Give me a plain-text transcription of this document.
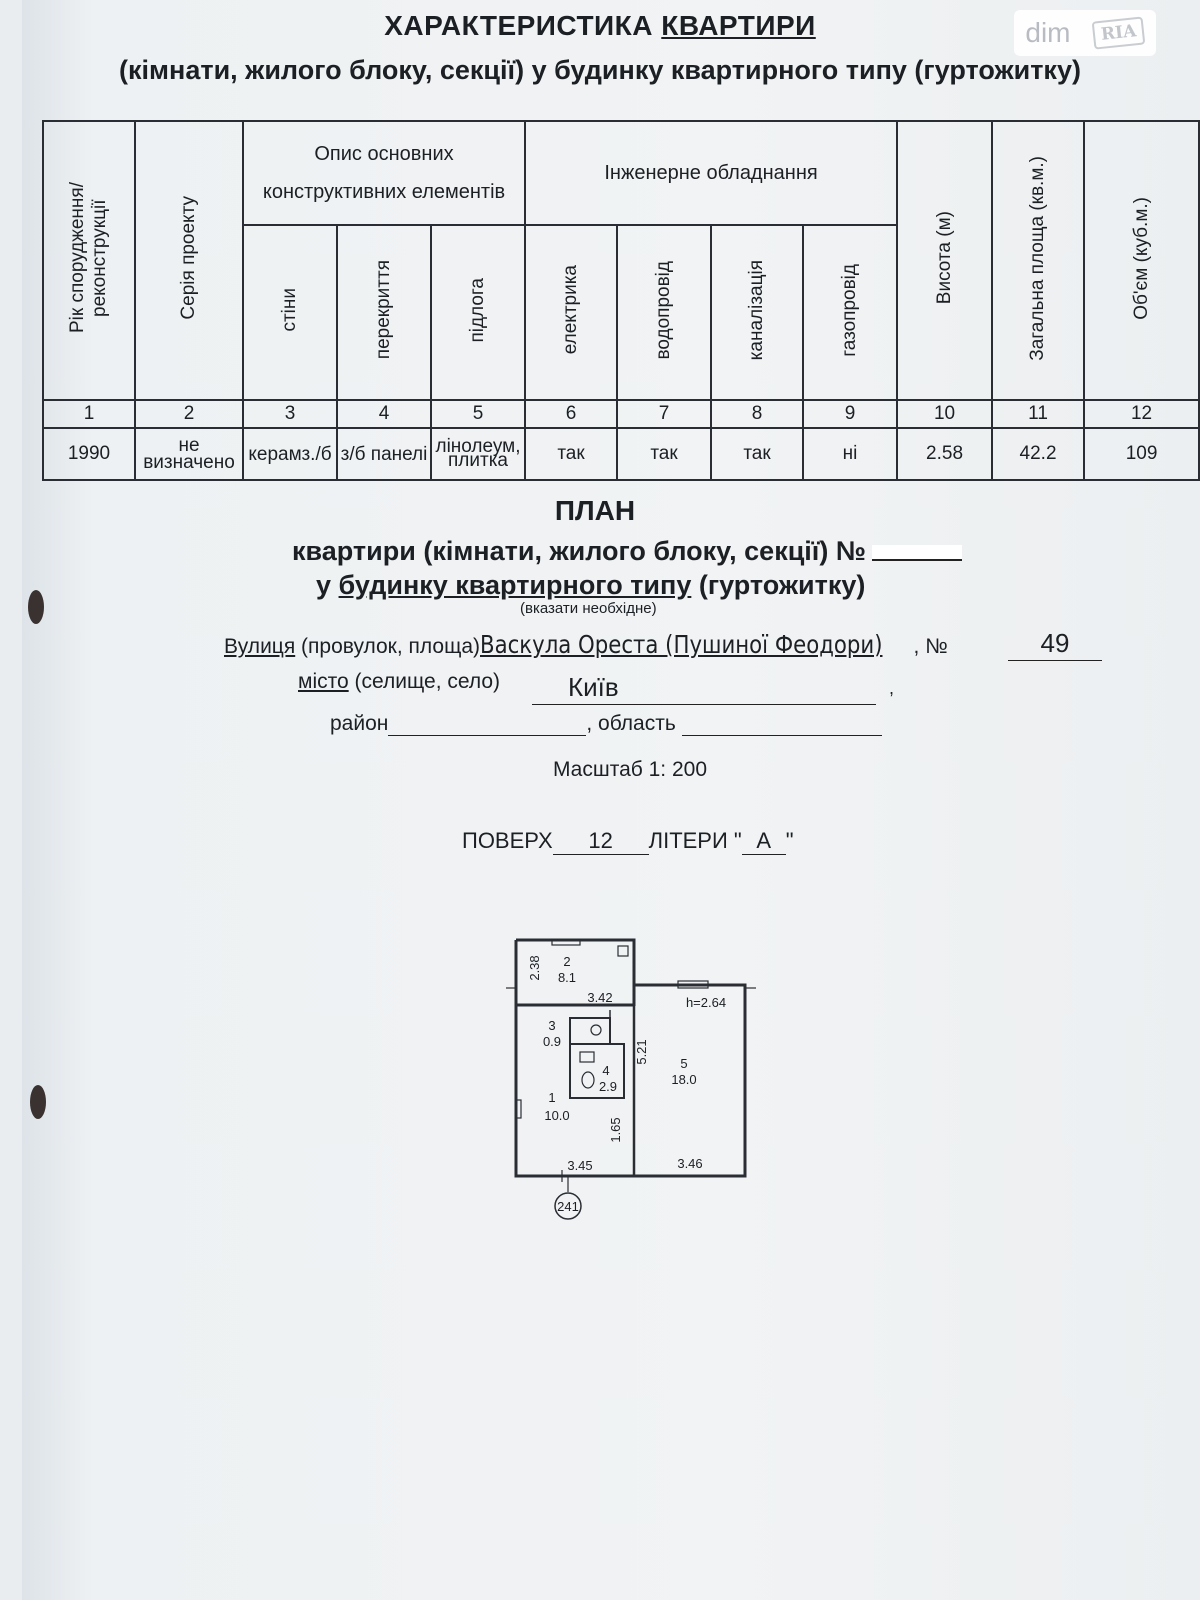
dim	RIA
ХАРАКТЕРИСТИКА КВАРТИРИ
(кімнати, жилого блоку, секції) у будинку квартирного типу (гуртожитку)
Рік спорудження/ реконструкції	Серія проекту	Опис основних конструктивних елементів			Інженерне обладнання				Висота (м)	Загальна площа (кв.м.)	Об'єм (куб.м.)
		стіни	перекриття	підлога	електрика	водопровід	каналізація	газопровід			
1	2	3	4	5	6	7	8	9	10	11	12
1990	не визначено	керамз./б	з/б панелі	лінолеум, плитка	так	так	так	ні	2.58	42.2	109
ПЛАН
квартири (кімнати, жилого блоку, секції) №
у будинку квартирного типу (гуртожитку)
(вказати необхідне)
Вулиця (провулок, площа)Васкула Ореста (Пушиної Феодори) , №	49
місто (селище, село)	Київ	,
район	, область
Масштаб 1: 200
ПОВЕРХ 12 ЛІТЕРИ " А "
2
8.1
2.38
3.42	h=2.64
3
0.9
4
2.9
5.21 5
18.0
1
10.0
1.65
3.45	3.46
241
